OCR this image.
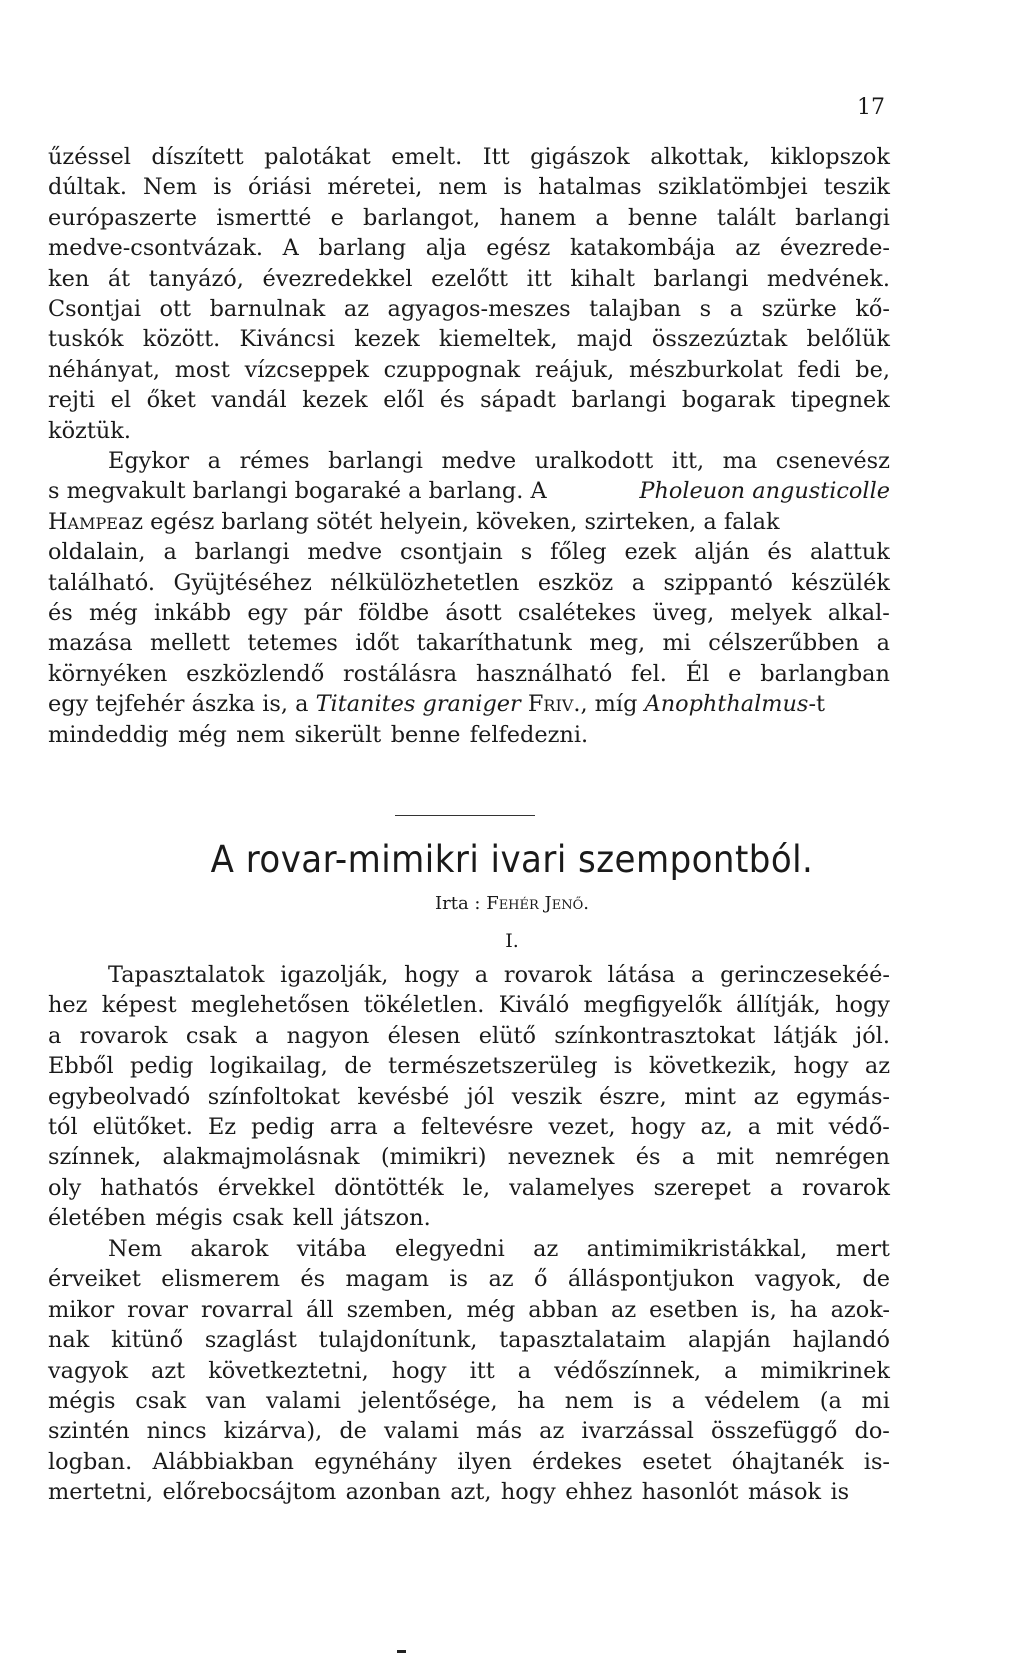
17
űzéssel díszített palotákat emelt. Itt gigászok alkottak, kiklopszok
dúltak. Nem is óriási méretei, nem is hatalmas sziklatömbjei teszik
európaszerte ismertté e barlangot, hanem a benne talált barlangi
medve-csontvázak. A barlang alja egész katakombája az évezrede-
ken át tanyázó, évezredekkel ezelőtt itt kihalt barlangi medvének.
Csontjai ott barnulnak az agyagos-meszes talajban s a szürke kő-
tuskók között. Kiváncsi kezek kiemeltek, majd összezúztak belőlük
néhányat, most vízcseppek czuppognak reájuk, mészburkolat fedi be,
rejti el őket vandál kezek elől és sápadt barlangi bogarak tipegnek
köztük.
Egykor a rémes barlangi medve uralkodott itt, ma csenevész
s megvakult barlangi bogaraké a barlang. A	Pholeuon angusticolle
Hampe az egész barlang sötét helyein, köveken, szirteken, a falak
oldalain, a barlangi medve csontjain s főleg ezek alján és alattuk
található. Gyüjtéséhez nélkülözhetetlen eszköz a szippantó készülék
és még inkább egy pár földbe ásott csalétekes üveg, melyek alkal-
mazása mellett tetemes időt takaríthatunk meg, mi célszerűbben a
környéken eszközlendő rostálásra használható fel. Él e barlangban
egy tejfehér ászka is, a Titanites graniger Friv ., míg Anophthalmus -t
mindeddig még nem sikerült benne felfedezni.
A rovar-mimikri ivari szempontból.
Irta : Fehér Jenő.
I.
Tapasztalatok igazolják, hogy a rovarok látása a gerinczesekéé-
hez képest meglehetősen tökéletlen. Kiváló megfigyelők állítják, hogy
a rovarok csak a nagyon élesen elütő színkontrasztokat látják jól.
Ebből pedig logikailag, de természetszerüleg is következik, hogy az
egybeolvadó színfoltokat kevésbé jól veszik észre, mint az egymás-
tól elütőket. Ez pedig arra a feltevésre vezet, hogy az, a mit védő-
színnek, alakmajmolásnak (mimikri) neveznek és a mit nemrégen
oly hathatós érvekkel döntötték le, valamelyes szerepet a rovarok
életében mégis csak kell játszon.
Nem akarok vitába elegyedni az antimimikristákkal, mert
érveiket elismerem és magam is az ő álláspontjukon vagyok, de
mikor rovar rovarral áll szemben, még abban az esetben is, ha azok-
nak kitünő szaglást tulajdonítunk, tapasztalataim alapján hajlandó
vagyok azt következtetni, hogy itt a védőszínnek, a mimikrinek
mégis csak van valami jelentősége, ha nem is a védelem (a mi
szintén nincs kizárva), de valami más az ivarzással összefüggő do-
logban. Alábbiakban egynéhány ilyen érdekes esetet óhajtanék is-
mertetni, előrebocsájtom azonban azt, hogy ehhez hasonlót mások is
